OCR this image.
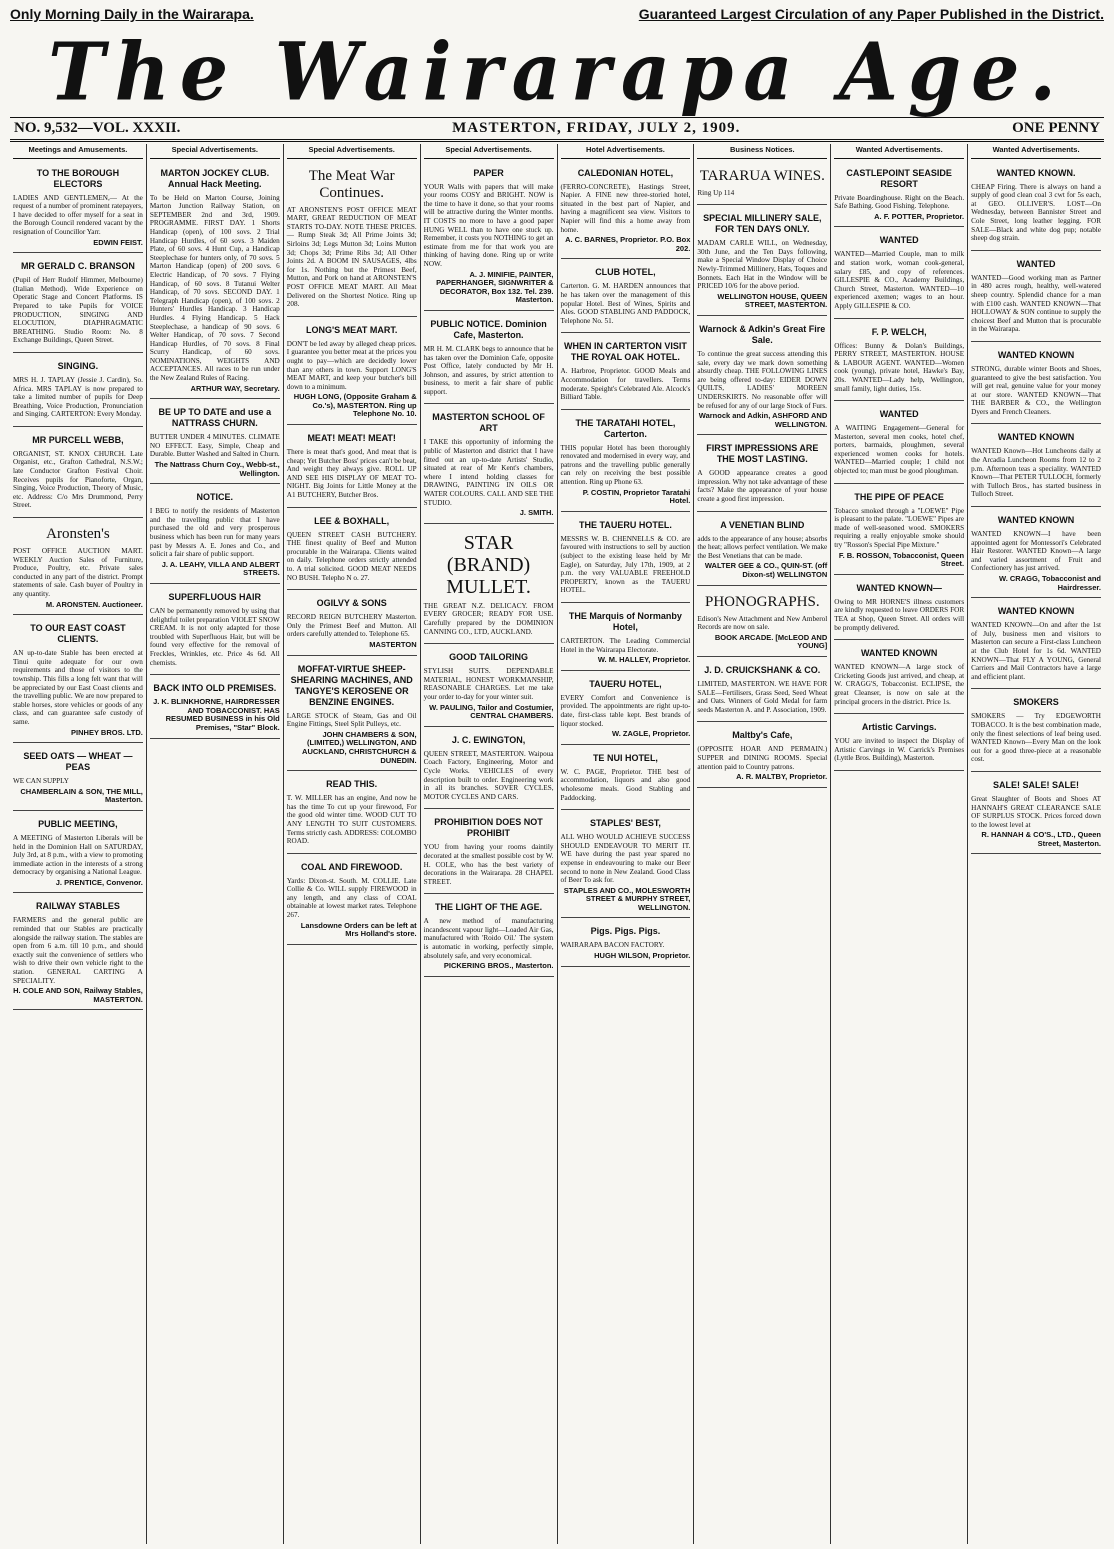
Only Morning Daily in the Wairarapa.	Guaranteed Largest Circulation of any Paper Published in the District.
The Wairarapa Age.
NO. 9,532—VOL. XXXII.	MASTERTON, FRIDAY, JULY 2, 1909.	ONE PENNY
Meetings and Amusements.
TO THE BOROUGH ELECTORS

LADIES AND GENTLEMEN,— At the request of a number of prominent ratepayers, I have decided to offer myself for a seat in the Borough Council rendered vacant by the resignation of Councillor Yarr.

EDWIN FEIST.
MR GERALD C. BRANSON

(Pupil of Herr Rudolf Himmer, Melbourne) (Italian Method). Wide Experience on Operatic Stage and Concert Platforms. IS Prepared to take Pupils for VOICE PRODUCTION, SINGING AND ELOCUTION, DIAPHRAGMATIC BREATHING. Studio Room: No. 8 Exchange Buildings, Queen Street.

SINGING.

MRS H. J. TAPLAY (Jessie J. Cardin), So. Africa. MRS TAPLAY is now prepared to take a limited number of pupils for Deep Breathing, Voice Production, Pronunciation and Singing. CARTERTON: Every Monday.

MR PURCELL WEBB,

ORGANIST, ST. KNOX CHURCH. Late Organist, etc., Grafton Cathedral, N.S.W.; late Conductor Grafton Festival Choir. Receives pupils for Pianoforte, Organ, Singing, Voice Production, Theory of Music, etc. Address: C/o Mrs Drummond, Perry Street.

Aronsten's

POST OFFICE AUCTION MART. WEEKLY Auction Sales of Furniture, Produce, Poultry, etc. Private sales conducted in any part of the district. Prompt statements of sale. Cash buyer of Poultry in any quantity.

M. ARONSTEN. Auctioneer.
TO OUR EAST COAST CLIENTS.

AN up-to-date Stable has been erected at Tinui quite adequate for our own requirements and those of visitors to the township. This fills a long felt want that will be appreciated by our East Coast clients and the travelling public. We are now prepared to stable horses, store vehicles or goods of any class, and can guarantee safe custody of same.

PINHEY BROS. LTD.
SEED OATS — WHEAT — PEAS

WE CAN SUPPLY

CHAMBERLAIN & SON, THE MILL, Masterton.
PUBLIC MEETING,

A MEETING of Masterton Liberals will be held in the Dominion Hall on SATURDAY, July 3rd, at 8 p.m., with a view to promoting immediate action in the interests of a strong democracy by organising a National League.

J. PRENTICE, Convenor.
RAILWAY STABLES

FARMERS and the general public are reminded that our Stables are practically alongside the railway station. The stables are open from 6 a.m. till 10 p.m., and should exactly suit the convenience of settlers who wish to drive their own vehicle right to the station. GENERAL CARTING A SPECIALITY.

H. COLE AND SON, Railway Stables, MASTERTON.
Special Advertisements.
MARTON JOCKEY CLUB. Annual Hack Meeting.

To be Held on Marton Course, Joining Marton Junction Railway Station, on SEPTEMBER 2nd and 3rd, 1909. PROGRAMME. FIRST DAY. 1 Shorts Handicap (open), of 100 sovs. 2 Trial Handicap Hurdles, of 60 sovs. 3 Maiden Plate, of 60 sovs. 4 Hunt Cup, a Handicap Steeplechase for hunters only, of 70 sovs. 5 Marton Handicap (open) of 200 sovs. 6 Electric Handicap, of 70 sovs. 7 Flying Handicap, of 60 sovs. 8 Tutanui Welter Handicap, of 70 sovs. SECOND DAY. 1 Telegraph Handicap (open), of 100 sovs. 2 Hunters' Hurdles Handicap. 3 Handicap Hurdles. 4 Flying Handicap. 5 Hack Steeplechase, a handicap of 90 sovs. 6 Welter Handicap, of 70 sovs. 7 Second Handicap Hurdles, of 70 sovs. 8 Final Scurry Handicap, of 60 sovs. NOMINATIONS, WEIGHTS AND ACCEPTANCES. All races to be run under the New Zealand Rules of Racing.

ARTHUR WAY, Secretary.
BE UP TO DATE and use a NATTRASS CHURN.

BUTTER UNDER 4 MINUTES. CLIMATE NO EFFECT. Easy, Simple, Cheap and Durable. Butter Washed and Salted in Churn.

The Nattrass Churn Coy., Webb-st., Wellington.
NOTICE.

I BEG to notify the residents of Masterton and the travelling public that I have purchased the old and very prosperous business which has been run for many years past by Messrs A. E. Jones and Co., and solicit a fair share of public support.

J. A. LEAHY, VILLA AND ALBERT STREETS.
SUPERFLUOUS HAIR

CAN be permanently removed by using that delightful toilet preparation VIOLET SNOW CREAM. It is not only adapted for those troubled with Superfluous Hair, but will be found very effective for the removal of Freckles, Wrinkles, etc. Price 4s 6d. All chemists.

BACK INTO OLD PREMISES.
J. K. BLINKHORNE, HAIRDRESSER AND TOBACCONIST. HAS RESUMED BUSINESS in his Old Premises, "Star" Block.
Special Advertisements.
The Meat War Continues.

AT ARONSTEN'S POST OFFICE MEAT MART, GREAT REDUCTION OF MEAT STARTS TO-DAY. NOTE THESE PRICES.— Rump Steak 3d; All Prime Joints 3d; Sirloins 3d; Legs Mutton 3d; Loins Mutton 3d; Chops 3d; Prime Ribs 3d; All Other Joints 2d. A BOOM IN SAUSAGES, 4lbs for 1s. Nothing but the Primest Beef, Mutton, and Pork on hand at ARONSTEN'S POST OFFICE MEAT MART. All Meat Delivered on the Shortest Notice. Ring up 208.

LONG'S MEAT MART.

DON'T be led away by alleged cheap prices. I guarantee you better meat at the prices you ought to pay—which are decidedly lower than any others in town. Support LONG'S MEAT MART, and keep your butcher's bill down to a minimum.

HUGH LONG, (Opposite Graham & Co.'s), MASTERTON. Ring up Telephone No. 10.
MEAT! MEAT! MEAT!

There is meat that's good, And meat that is cheap; Yet Butcher Boss' prices can't be beat, And weight they always give. ROLL UP AND SEE HIS DISPLAY OF MEAT TO-NIGHT. Big Joints for Little Money at the A1 BUTCHERY, Butcher Bros.

LEE & BOXHALL,

QUEEN STREET CASH BUTCHERY. THE finest quality of Beef and Mutton procurable in the Wairarapa. Clients waited on daily. Telephone orders strictly attended to. A trial solicited. GOOD MEAT NEEDS NO BUSH. Telepho N o. 27.

OGILVY & SONS

RECORD REIGN BUTCHERY Masterton. Only the Primest Beef and Mutton. All orders carefully attended to. Telephone 65.

MASTERTON
MOFFAT-VIRTUE SHEEP-SHEARING MACHINES, AND TANGYE'S KEROSENE OR BENZINE ENGINES.

LARGE STOCK of Steam, Gas and Oil Engine Fittings, Steel Split Pulleys, etc.

JOHN CHAMBERS & SON, (LIMITED,) WELLINGTON, AND AUCKLAND, CHRISTCHURCH & DUNEDIN.
READ THIS.

T. W. MILLER has an engine, And now he has the time To cut up your firewood, For the good old winter time. WOOD CUT TO ANY LENGTH TO SUIT CUSTOMERS. Terms strictly cash. ADDRESS: COLOMBO ROAD.

COAL AND FIREWOOD.

Yards: Dixon-st. South. M. COLLIE. Late Collie & Co. WILL supply FIREWOOD in any length, and any class of COAL obtainable at lowest market rates. Telephone 267.

Lansdowne Orders can be left at Mrs Holland's store.
Special Advertisements.
PAPER

YOUR Walls with papers that will make your rooms COSY and BRIGHT. NOW is the time to have it done, so that your rooms will be attractive during the Winter months. IT COSTS no more to have a good paper HUNG WELL than to have one stuck up. Remember, it costs you NOTHING to get an estimate from me for that work you are thinking of having done. Ring up or write NOW.

A. J. MINIFIE, PAINTER, PAPERHANGER, SIGNWRITER & DECORATOR, Box 132. Tel. 239. Masterton.
PUBLIC NOTICE. Dominion Cafe, Masterton.

MR H. M. CLARK begs to announce that he has taken over the Dominion Cafe, opposite Post Office, lately conducted by Mr H. Johnson, and assures, by strict attention to business, to merit a fair share of public support.

MASTERTON SCHOOL OF ART

I TAKE this opportunity of informing the public of Masterton and district that I have fitted out an up-to-date Artists' Studio, situated at rear of Mr Kent's chambers, where I intend holding classes for DRAWING, PAINTING IN OILS OR WATER COLOURS. CALL AND SEE THE STUDIO.

J. SMITH.
STAR (BRAND) MULLET.

THE GREAT N.Z. DELICACY. FROM EVERY GROCER; READY FOR USE. Carefully prepared by the DOMINION CANNING CO., LTD, AUCKLAND.

GOOD TAILORING

STYLISH SUITS. DEPENDABLE MATERIAL, HONEST WORKMANSHIP, REASONABLE CHARGES. Let me take your order to-day for your winter suit.

W. PAULING, Tailor and Costumier, CENTRAL CHAMBERS.
J. C. EWINGTON,

QUEEN STREET, MASTERTON. Waipoua Coach Factory, Engineering, Motor and Cycle Works. VEHICLES of every description built to order. Engineering work in all its branches. SOVER CYCLES, MOTOR CYCLES AND CARS.

PROHIBITION DOES NOT PROHIBIT

YOU from having your rooms daintily decorated at the smallest possible cost by W. H. COLE, who has the best variety of decorations in the Wairarapa. 28 CHAPEL STREET.

THE LIGHT OF THE AGE.

A new method of manufacturing incandescent vapour light—Loaded Air Gas, manufactured with 'Roido Oil.' The system is automatic in working, perfectly simple, absolutely safe, and very economical.

PICKERING BROS., Masterton.
Hotel Advertisements.
CALEDONIAN HOTEL,

(FERRO-CONCRETE), Hastings Street, Napier. A FINE new three-storied hotel, situated in the best part of Napier, and having a magnificent sea view. Visitors to Napier will find this a home away from home.

A. C. BARNES, Proprietor. P.O. Box 202.
CLUB HOTEL,

Carterton. G. M. HARDEN announces that he has taken over the management of this popular Hotel. Best of Wines, Spirits and Ales. GOOD STABLING AND PADDOCK, Telephone No. 51.

WHEN IN CARTERTON VISIT THE ROYAL OAK HOTEL.

A. Harbroe, Proprietor. GOOD Meals and Accommodation for travellers. Terms moderate. Speight's Celebrated Ale. Alcock's Billiard Table.

THE TARATAHI HOTEL, Carterton.

THIS popular Hotel has been thoroughly renovated and modernised in every way, and patrons and the travelling public generally can rely on receiving the best possible attention. Ring up Phone 63.

P. COSTIN, Proprietor Taratahi Hotel.
THE TAUERU HOTEL.

MESSRS W. B. CHENNELLS & CO. are favoured with instructions to sell by auction (subject to the existing lease held by Mr Eagle), on Saturday, July 17th, 1909, at 2 p.m. the very VALUABLE FREEHOLD PROPERTY, known as the TAUERU HOTEL.

THE Marquis of Normanby Hotel,

CARTERTON. The Leading Commercial Hotel in the Wairarapa Electorate.

W. M. HALLEY, Proprietor.
TAUERU HOTEL,

EVERY Comfort and Convenience is provided. The appointments are right up-to-date, first-class table kept. Best brands of liquor stocked.

W. ZAGLE, Proprietor.
TE NUI HOTEL,

W. C. PAGE, Proprietor. THE best of accommodation, liquors and also good wholesome meals. Good Stabling and Paddocking.

STAPLES' BEST,

ALL WHO WOULD ACHIEVE SUCCESS SHOULD ENDEAVOUR TO MERIT IT. WE have during the past year spared no expense in endeavouring to make our Beer second to none in New Zealand. Good Class of Beer To ask for.

STAPLES AND CO., MOLESWORTH STREET & MURPHY STREET, WELLINGTON.
Pigs. Pigs. Pigs.

WAIRARAPA BACON FACTORY.

HUGH WILSON, Proprietor.
Business Notices.
TARARUA WINES.

Ring Up 114

SPECIAL MILLINERY SALE, FOR TEN DAYS ONLY.

MADAM CARLE WILL, on Wednesday, 30th June, and the Ten Days following, make a Special Window Display of Choice Newly-Trimmed Millinery, Hats, Toques and Bonnets. Each Hat in the Window will be PRICED 10/6 for the above period.

WELLINGTON HOUSE, QUEEN STREET, MASTERTON.
Warnock & Adkin's Great Fire Sale.

To continue the great success attending this sale, every day we mark down something absurdly cheap. THE FOLLOWING LINES are being offered to-day: EIDER DOWN QUILTS, LADIES' MOREEN UNDERSKIRTS. No reasonable offer will be refused for any of our large Stock of Furs.

Warnock and Adkin, ASHFORD AND WELLINGTON.
FIRST IMPRESSIONS ARE THE MOST LASTING.

A GOOD appearance creates a good impression. Why not take advantage of these facts? Make the appearance of your house create a good first impression.

A VENETIAN BLIND

adds to the appearance of any house; absorbs the heat; allows perfect ventilation. We make the Best Venetians that can be made.

WALTER GEE & CO., QUIN-ST. (off Dixon-st) WELLINGTON
PHONOGRAPHS.

Edison's New Attachment and New Amberol Records are now on sale.

BOOK ARCADE. [McLEOD AND YOUNG]
J. D. CRUICKSHANK & CO.

LIMITED, MASTERTON. WE HAVE FOR SALE—Fertilisers, Grass Seed, Seed Wheat and Oats. Winners of Gold Medal for farm seeds Masterton A. and P. Association, 1909.

Maltby's Cafe,

(OPPOSITE HOAR AND PERMAIN.) SUPPER and DINING ROOMS. Special attention paid to Country patrons.

A. R. MALTBY, Proprietor.
Wanted Advertisements.
CASTLEPOINT SEASIDE RESORT

Private Boardinghouse. Right on the Beach. Safe Bathing. Good Fishing. Telephone.

A. F. POTTER, Proprietor.
WANTED

WANTED—Married Couple, man to milk and station work, woman cook-general, salary £85, and copy of references. GILLESPIE & CO., Academy Buildings, Church Street, Masterton. WANTED—10 experienced axemen; wages to an hour. Apply GILLESPIE & CO.

F. P. WELCH,

Offices: Bunny & Dolan's Buildings, PERRY STREET, MASTERTON. HOUSE & LABOUR AGENT. WANTED—Women cook (young), private hotel, Hawke's Bay, 20s. WANTED—Lady help, Wellington, small family, light duties, 15s.

WANTED

A WAITING Engagement—General for Masterton, several men cooks, hotel chef, porters, barmaids, ploughmen, several experienced women cooks for hotels. WANTED—Married couple; I child not objected to; man must be good ploughman.

THE PIPE OF PEACE

Tobacco smoked through a "LOEWE" Pipe is pleasant to the palate. "LOEWE" Pipes are made of well-seasoned wood. SMOKERS requiring a really enjoyable smoke should try "Rosson's Special Pipe Mixture."

F. B. ROSSON, Tobacconist, Queen Street.
WANTED KNOWN—

Owing to MR HORNE'S illness customers are kindly requested to leave ORDERS FOR TEA at Shop, Queen Street. All orders will be promptly delivered.

WANTED KNOWN

WANTED KNOWN—A large stock of Cricketing Goods just arrived, and cheap, at W. CRAGG'S, Tobacconist. ECLIPSE, the great Cleanser, is now on sale at the principal grocers in the district. Price 1s.

Artistic Carvings.

YOU are invited to inspect the Display of Artistic Carvings in W. Carrick's Premises (Lyttle Bros. Building), Masterton.

Wanted Advertisements.
WANTED KNOWN.

CHEAP Firing. There is always on hand a supply of good clean coal 3 cwt for 5s each, at GEO. OLLIVER'S. LOST—On Wednesday, between Bannister Street and Cole Street, long leather legging. FOR SALE—Black and white dog pup; notable sheep dog strain.

WANTED

WANTED—Good working man as Partner in 480 acres rough, healthy, well-watered sheep country. Splendid chance for a man with £100 cash. WANTED KNOWN—That HOLLOWAY & SON continue to supply the choicest Beef and Mutton that is procurable in the Wairarapa.

WANTED KNOWN

STRONG, durable winter Boots and Shoes, guaranteed to give the best satisfaction. You will get real, genuine value for your money at our store. WANTED KNOWN—That THE BARBER & CO., the Wellington Dyers and French Cleaners.

WANTED KNOWN

WANTED Known—Hot Luncheons daily at the Arcadia Luncheon Rooms from 12 to 2 p.m. Afternoon teas a speciality. WANTED Known—That PETER TULLOCH, formerly with Tulloch Bros., has started business in Tulloch Street.

WANTED KNOWN

WANTED KNOWN—I have been appointed agent for Montessori's Celebrated Hair Restorer. WANTED Known—A large and varied assortment of Fruit and Confectionery has just arrived.

W. CRAGG, Tobacconist and Hairdresser.
WANTED KNOWN

WANTED KNOWN—On and after the 1st of July, business men and visitors to Masterton can secure a First-class Luncheon at the Club Hotel for 1s 6d. WANTED KNOWN—That FLY A YOUNG, General Carriers and Mail Contractors have a large and efficient plant.

SMOKERS

SMOKERS — Try EDGEWORTH TOBACCO. It is the best combination made, only the finest selections of leaf being used. WANTED Known—Every Man on the look out for a good three-piece at a reasonable cost.

SALE! SALE! SALE!

Great Slaughter of Boots and Shoes AT HANNAH'S GREAT CLEARANCE SALE OF SURPLUS STOCK. Prices forced down to the lowest level at

R. HANNAH & CO'S., LTD., Queen Street, Masterton.
